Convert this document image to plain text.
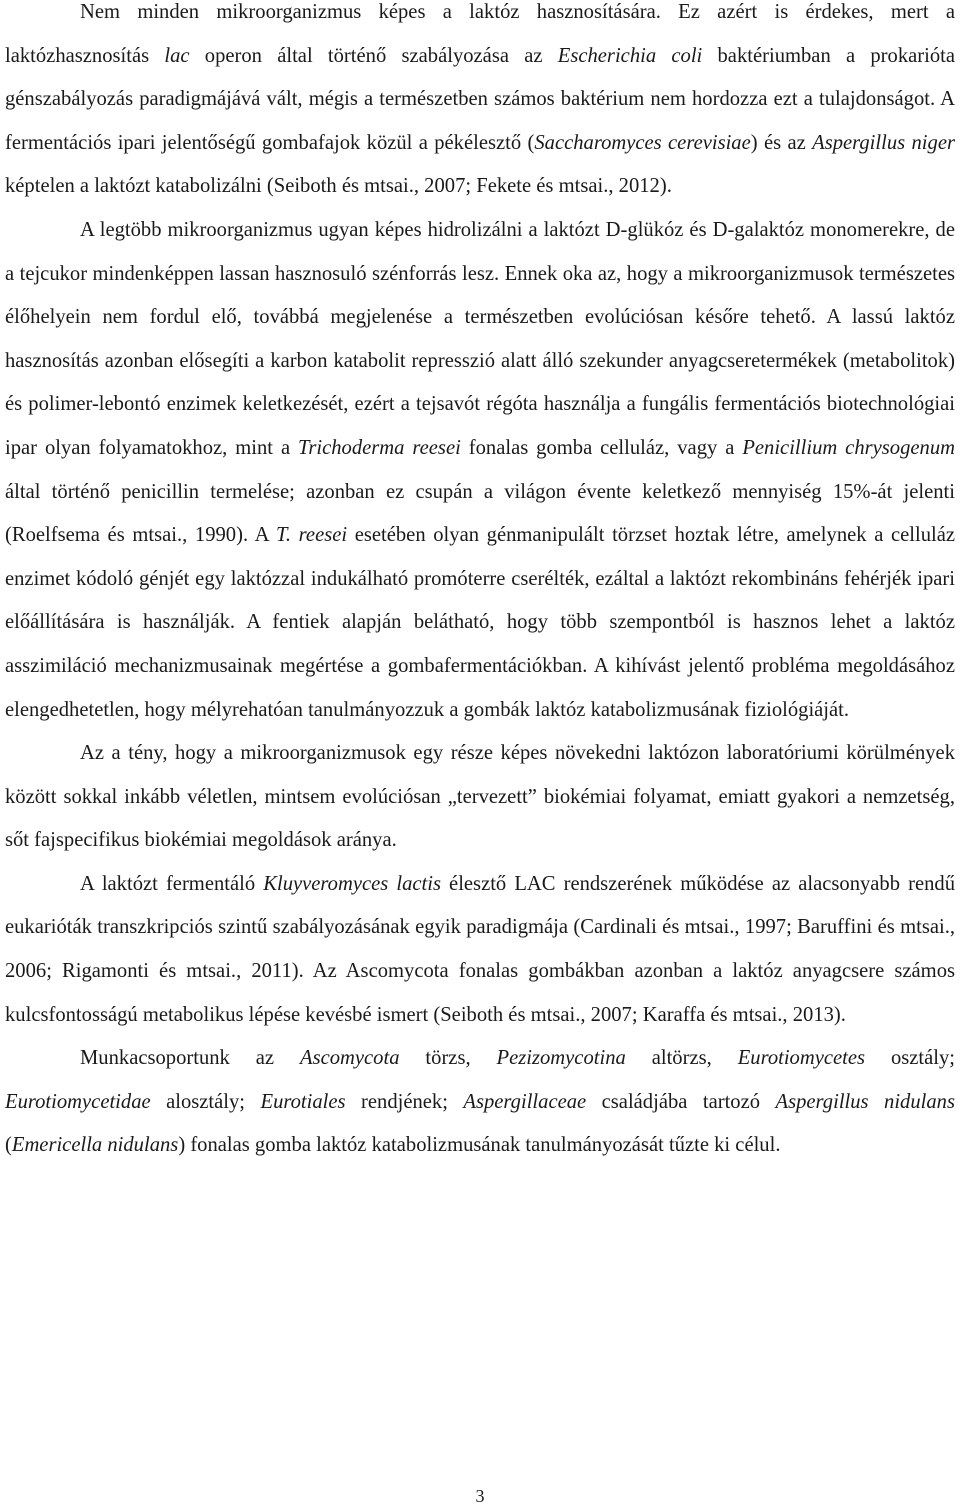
Nem minden mikroorganizmus képes a laktóz hasznosítására. Ez azért is érdekes, mert a laktózhasznosítás lac operon által történő szabályozása az Escherichia coli baktériumban a prokarióta génszabályozás paradigmájává vált, mégis a természetben számos baktérium nem hordozza ezt a tulajdonságot. A fermentációs ipari jelentőségű gombafajok közül a pékélesztő (Saccharomyces cerevisiae) és az Aspergillus niger képtelen a laktózt katabolizálni (Seiboth és mtsai., 2007; Fekete és mtsai., 2012).

A legtöbb mikroorganizmus ugyan képes hidrolizálni a laktózt D-glükóz és D-galaktóz monomerekre, de a tejcukor mindenképpen lassan hasznosuló szénforrás lesz. Ennek oka az, hogy a mikroorganizmusok természetes élőhelyein nem fordul elő, továbbá megjelenése a természetben evolúciósan későre tehető. A lassú laktóz hasznosítás azonban elősegíti a karbon katabolit represszió alatt álló szekunder anyagcseretermékek (metabolitok) és polimer-lebontó enzimek keletkezését, ezért a tejsavót régóta használja a fungális fermentációs biotechnológiai ipar olyan folyamatokhoz, mint a Trichoderma reesei fonalas gomba celluláz, vagy a Penicillium chrysogenum által történő penicillin termelése; azonban ez csupán a világon évente keletkező mennyiség 15%-át jelenti (Roelfsema és mtsai., 1990). A T. reesei esetében olyan génmanipulált törzset hoztak létre, amelynek a celluláz enzimet kódoló génjét egy laktózzal indukálható promóterre cserélték, ezáltal a laktózt rekombináns fehérjék ipari előállítására is használják. A fentiek alapján belátható, hogy több szempontból is hasznos lehet a laktóz asszimiláció mechanizmusainak megértése a gombafermentációkban. A kihívást jelentő probléma megoldásához elengedhetetlen, hogy mélyrehatóan tanulmányozzuk a gombák laktóz katabolizmusának fiziológiáját.

Az a tény, hogy a mikroorganizmusok egy része képes növekedni laktózon laboratóriumi körülmények között sokkal inkább véletlen, mintsem evolúciósan „tervezett” biokémiai folyamat, emiatt gyakori a nemzetség, sőt fajspecifikus biokémiai megoldások aránya.

A laktózt fermentáló Kluyveromyces lactis élesztő LAC rendszerének működése az alacsonyabb rendű eukarióták transzkripciós szintű szabályozásának egyik paradigmája (Cardinali és mtsai., 1997; Baruffini és mtsai., 2006; Rigamonti és mtsai., 2011). Az Ascomycota fonalas gombákban azonban a laktóz anyagcsere számos kulcsfontosságú metabolikus lépése kevésbé ismert (Seiboth és mtsai., 2007; Karaffa és mtsai., 2013).

Munkacsoportunk az Ascomycota törzs, Pezizomycotina altörzs, Eurotiomycetes osztály; Eurotiomycetidae alosztály; Eurotiales rendjének; Aspergillaceae családjába tartozó Aspergillus nidulans (Emericella nidulans) fonalas gomba laktóz katabolizmusának tanulmányozását tűzte ki célul.

3
